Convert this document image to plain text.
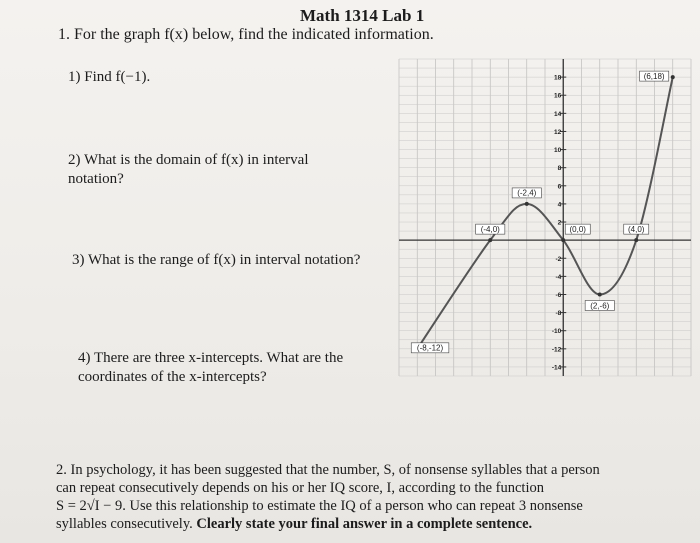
Math 1314 Lab 1
1. For the graph f(x) below, find the indicated information.
1) Find f(−1).
2) What is the domain of f(x) in interval notation?
3) What is the range of f(x) in interval notation?
4) There are three x-intercepts. What are the coordinates of the x-intercepts?
18
16
14
12
10
8
6
4
2
-2
-4
-6
-8
-10
-12
-14
(-8,-12)
(-4,0)
(-2,4)
(0,0)
(2,-6)
(4,0)
(6,18)
2. In psychology, it has been suggested that the number, S, of nonsense syllables that a person
can repeat consecutively depends on his or her IQ score, I, according to the function
S = 2√I − 9. Use this relationship to estimate the IQ of a person who can repeat 3 nonsense
syllables consecutively. Clearly state your final answer in a complete sentence.
